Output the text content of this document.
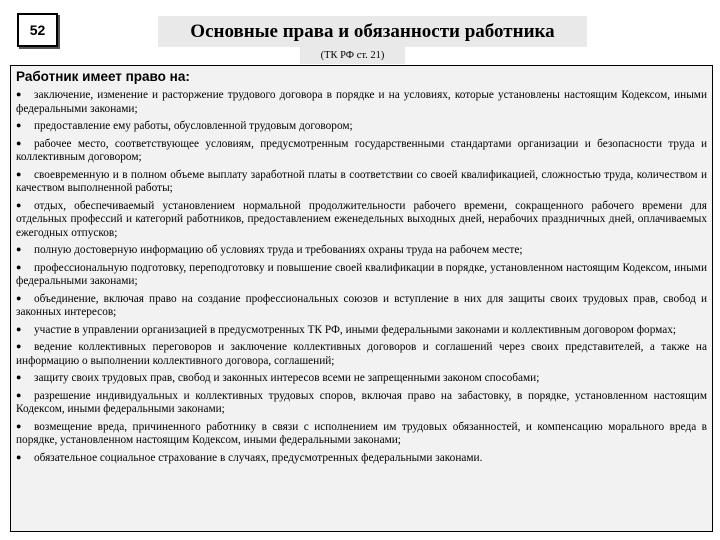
52	Основные права и обязанности работника
(ТК РФ ст. 21)
Работник имеет право на:
● заключение, изменение и расторжение трудового договора в порядке и на условиях, которые установлены настоящим Кодексом, иными федеральными законами;
● предоставление ему работы, обусловленной трудовым договором;
● рабочее место, соответствующее условиям, предусмотренным государственными стандартами организации и безопасности труда и коллективным договором;
● своевременную и в полном объеме выплату заработной платы в соответствии со своей квалификацией, сложностью труда, количеством и качеством выполненной работы;
● отдых, обеспечиваемый установлением нормальной продолжительности рабочего времени, сокращенного рабочего времени для отдельных профессий и категорий работников, предоставлением еженедельных выходных дней, нерабочих праздничных дней, оплачиваемых ежегодных отпусков;
● полную достоверную информацию об условиях труда и требованиях охраны труда на рабочем месте;
● профессиональную подготовку, переподготовку и повышение своей квалификации в порядке, установленном настоящим Кодексом, иными федеральными законами;
● объединение, включая право на создание профессиональных союзов и вступление в них для защиты своих трудовых прав, свобод и законных интересов;
● участие в управлении организацией в предусмотренных ТК РФ, иными федеральными законами и коллективным договором формах;
● ведение коллективных переговоров и заключение коллективных договоров и соглашений через своих представителей, а также на информацию о выполнении коллективного договора, соглашений;
● защиту своих трудовых прав, свобод и законных интересов всеми не запрещенными законом способами;
● разрешение индивидуальных и коллективных трудовых споров, включая право на забастовку, в порядке, установленном настоящим Кодексом, иными федеральными законами;
● возмещение вреда, причиненного работнику в связи с исполнением им трудовых обязанностей, и компенсацию морального вреда в порядке, установленном настоящим Кодексом, иными федеральными законами;
● обязательное социальное страхование в случаях, предусмотренных федеральными законами.
